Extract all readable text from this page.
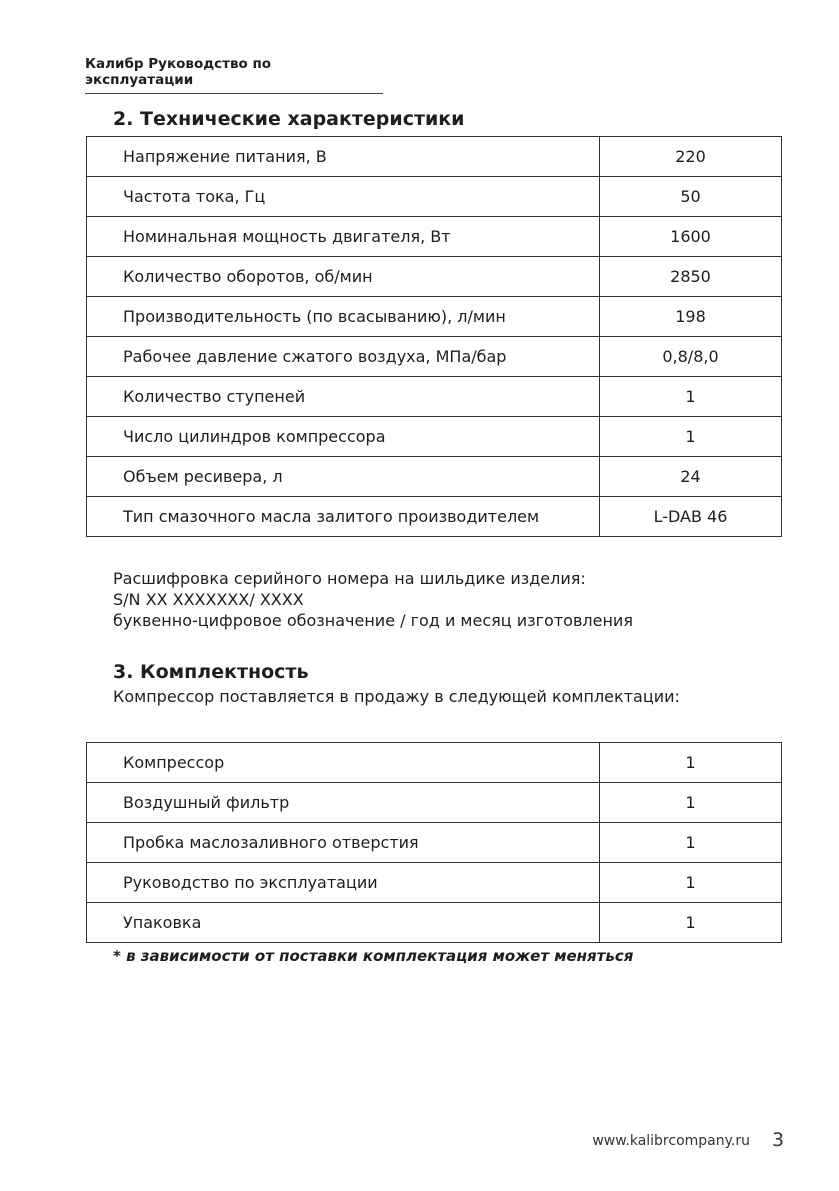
Калибр Руководство по эксплуатации
2. Технические характеристики
Напряжение питания, В	220
Частота тока, Гц	50
Номинальная мощность двигателя, Вт	1600
Количество оборотов, об/мин	2850
Производительность (по всасыванию), л/мин	198
Рабочее давление сжатого воздуха, МПа/бар	0,8/8,0
Количество ступеней	1
Число цилиндров компрессора	1
Объем ресивера, л	24
Тип смазочного масла залитого производителем	L-DAB 46
Расшифровка серийного номера на шильдике изделия:
S/N XX XXXXXXX/ XXXX
буквенно-цифровое обозначение / год и месяц изготовления
3. Комплектность
Компрессор поставляется в продажу в следующей комплектации:
Компрессор	1
Воздушный фильтр	1
Пробка маслозаливного отверстия	1
Руководство по эксплуатации	1
Упаковка	1
* в зависимости от поставки комплектация может меняться
www.kalibrcompany.ru 3
